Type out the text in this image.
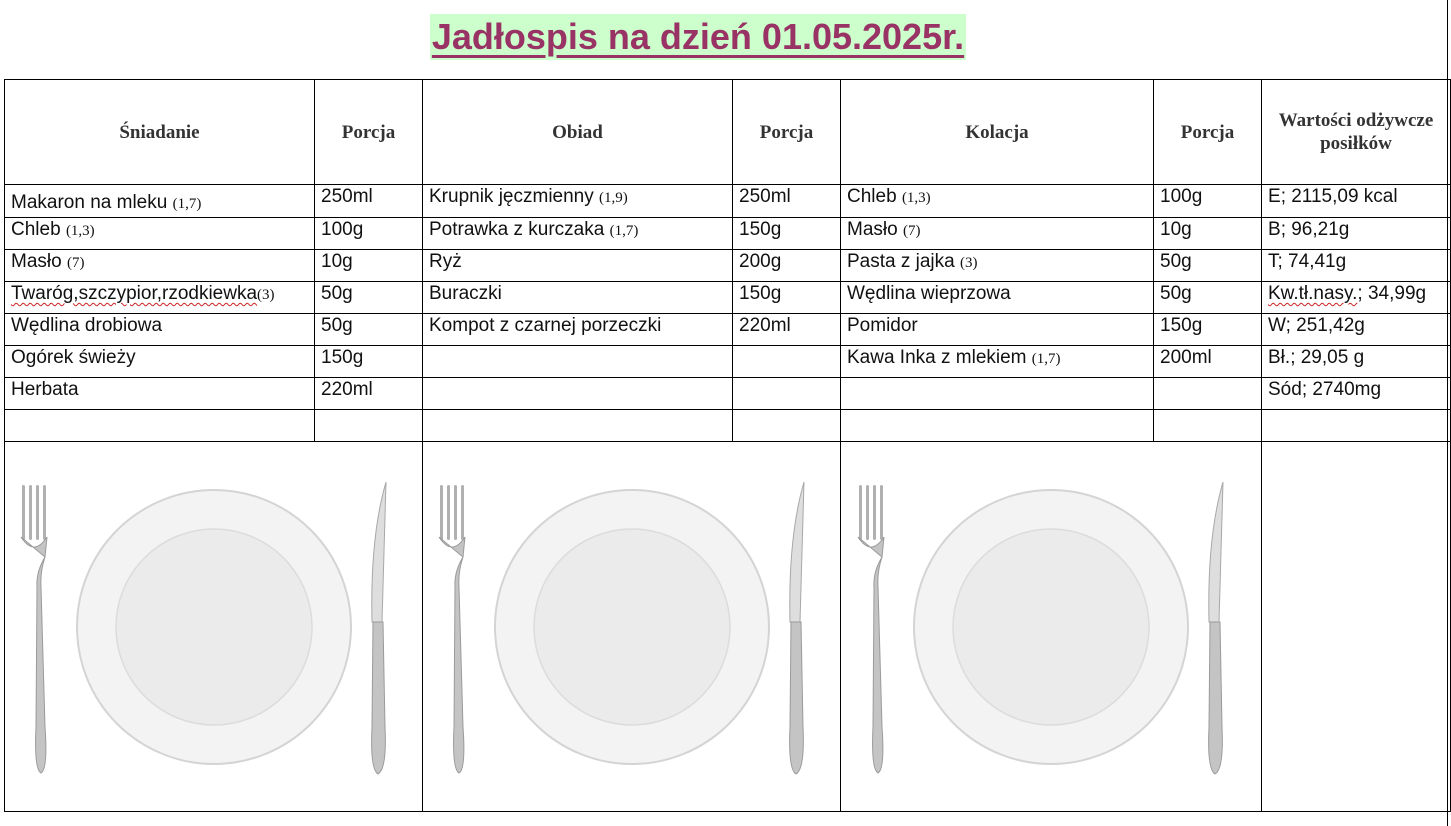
Jadłospis na dzień 01.05.2025r.
Śniadanie	Porcja	Obiad	Porcja	Kolacja	Porcja	Wartości odżywcze posiłków
Makaron na mleku (1,7)	250ml	Krupnik jęczmienny (1,9)	250ml	Chleb (1,3)	100g	E; 2115,09 kcal
Chleb (1,3)	100g	Potrawka z kurczaka (1,7)	150g	Masło (7)	10g	B; 96,21g
Masło (7)	10g	Ryż	200g	Pasta z jajka (3)	50g	T; 74,41g
Twaróg,szczypior,rzodkiewka(3)	50g	Buraczki	150g	Wędlina wieprzowa	50g	Kw.tł.nasy.; 34,99g
Wędlina drobiowa	50g	Kompot z czarnej porzeczki	220ml	Pomidor	150g	W; 251,42g
Ogórek świeży	150g			Kawa Inka z mlekiem (1,7)	200ml	Bł.; 29,05 g
Herbata	220ml					Sód; 2740mg
